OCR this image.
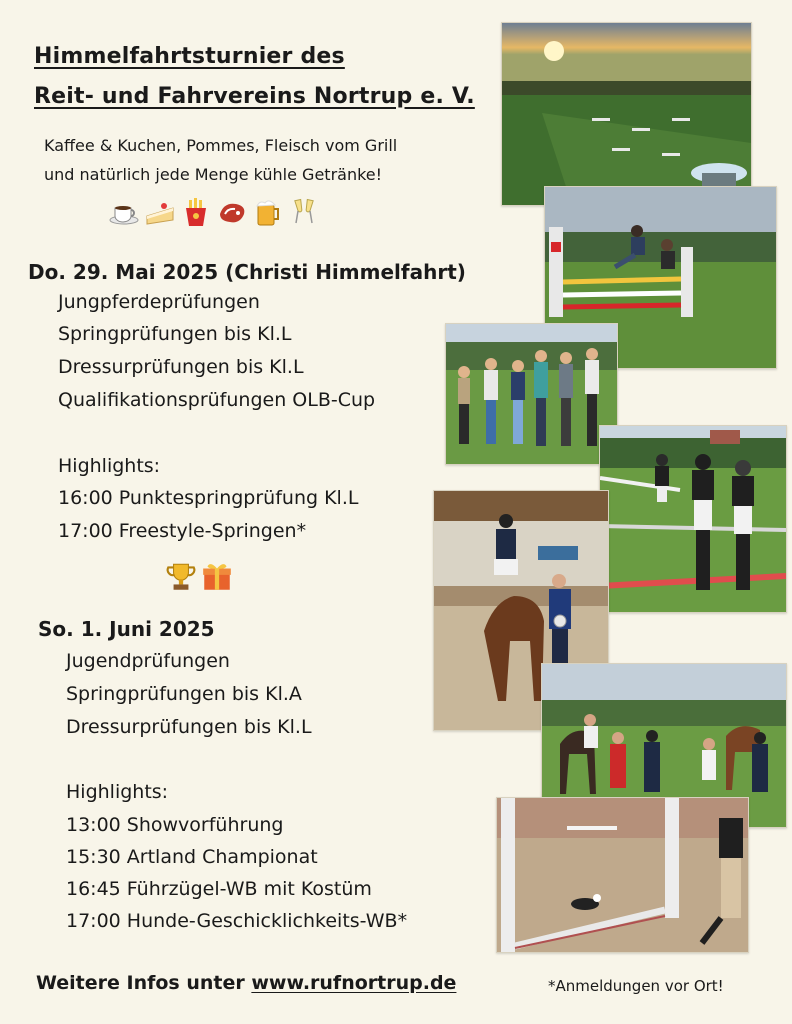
Himmelfahrtsturnier des
Reit- und Fahrvereins Nortrup e. V.
Kaffee & Kuchen, Pommes, Fleisch vom Grill
und natürlich jede Menge kühle Getränke!
Do. 29. Mai 2025 (Christi Himmelfahrt)
Jungpferdeprüfungen
Springprüfungen bis Kl.L
Dressurprüfungen bis Kl.L
Qualifikationsprüfungen OLB-Cup
Highlights:
16:00 Punktespringprüfung Kl.L
17:00 Freestyle-Springen*
So. 1. Juni 2025
Jugendprüfungen
Springprüfungen bis Kl.A
Dressurprüfungen bis Kl.L
Highlights:
13:00 Showvorführung
15:30 Artland Championat
16:45 Führzügel-WB mit Kostüm
17:00 Hunde-Geschicklichkeits-WB*
Weitere Infos unter www.rufnortrup.de	*Anmeldungen vor Ort!
